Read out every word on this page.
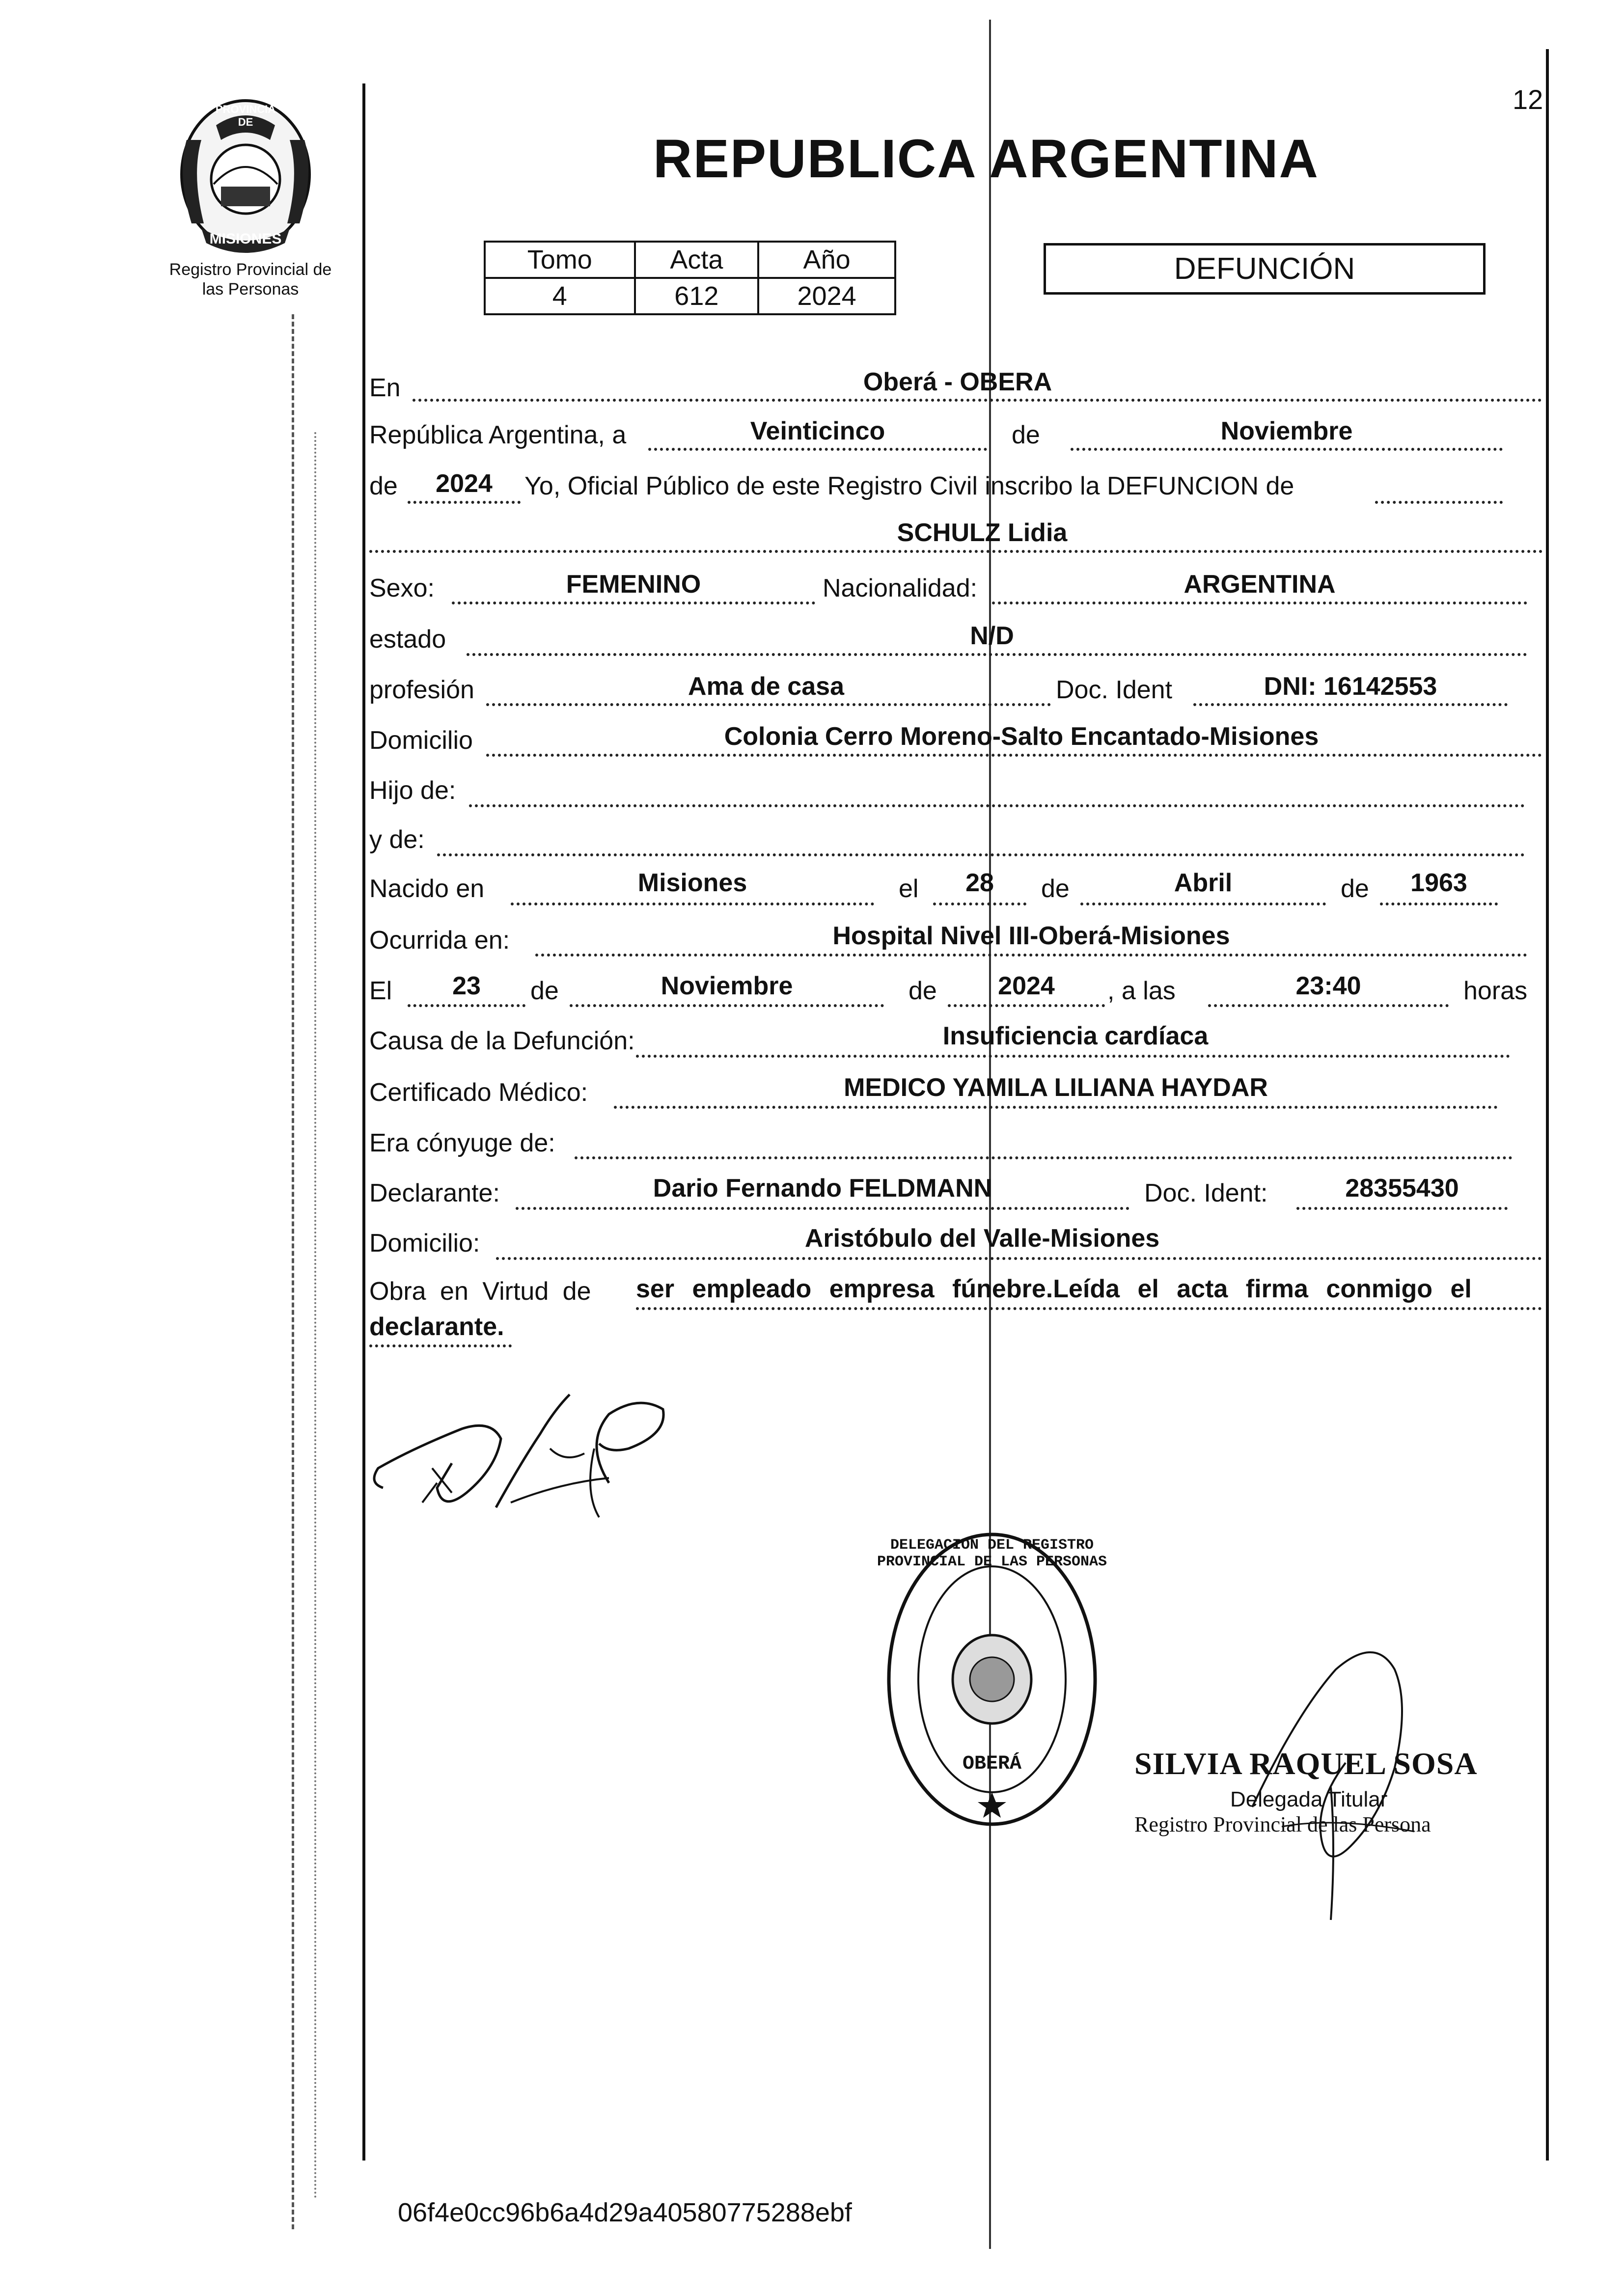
12
PROVINCIA DE
MISIONES
Registro Provincial de
las Personas
REPUBLICA ARGENTINA
Tomo	Acta	Año
4	612	2024
DEFUNCIÓN
En	Oberá - OBERA
República Argentina, a	Veinticinco	de	Noviembre
de	2024	Yo, Oficial Público de este Registro Civil inscribo la DEFUNCION de
SCHULZ Lidia
Sexo:	FEMENINO	Nacionalidad:	ARGENTINA
estado	N/D
profesión	Ama de casa	Doc. Ident	DNI: 16142553
Domicilio	Colonia Cerro Moreno-Salto Encantado-Misiones
Hijo de:
y de:
Nacido en	Misiones	el	28	de	Abril	de	1963
Ocurrida en:	Hospital Nivel III-Oberá-Misiones
El	23	de	Noviembre	de	2024	, a las	23:40	horas
Causa de la Defunción:	Insuficiencia cardíaca
Certificado Médico:	MEDICO YAMILA LILIANA HAYDAR
Era cónyuge de:
Declarante:	Dario Fernando FELDMANN	Doc. Ident:	28355430
Domicilio:	Aristóbulo del Valle-Misiones
Obra en Virtud de ser empleado empresa fúnebre.Leída el acta firma conmigo el
declarante.
DELEGACION DEL REGISTRO PROVINCIAL DE LAS PERSONAS
OBERÁ	SILVIA RAQUEL SOSA
Delegada Titular
Registro Provincial de las Persona
06f4e0cc96b6a4d29a40580775288ebf
